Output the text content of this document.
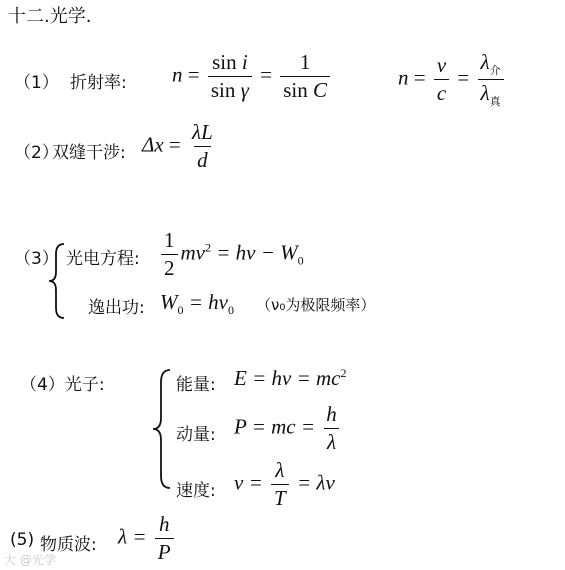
十二.光学.
（1） 折射率: $n = \frac{\text{sin i}}{\text{sin γ}} = \frac{1}{\text{sin C}}$	$n = \frac{v}{c} = \frac{\lambda_介}{\lambda_真}$
（2）
双缝干涉: $\Delta x = \frac{\lambda L}{d}$
（3） 光电方程: $\frac{1}{2} mv^2 = h\nu - W_0$
逸出功: $W_0 = h\nu_0$ （ν₀为极限频率）
（4）光子:	能量: $E = h\nu = mc^2$
动量: P = mc = $\frac{h}{\lambda}$
速度: $v = \frac{\lambda}{T} = \lambda\nu$
(5) 物质波: $\lambda = \frac{h}{P}$
大 @光学
